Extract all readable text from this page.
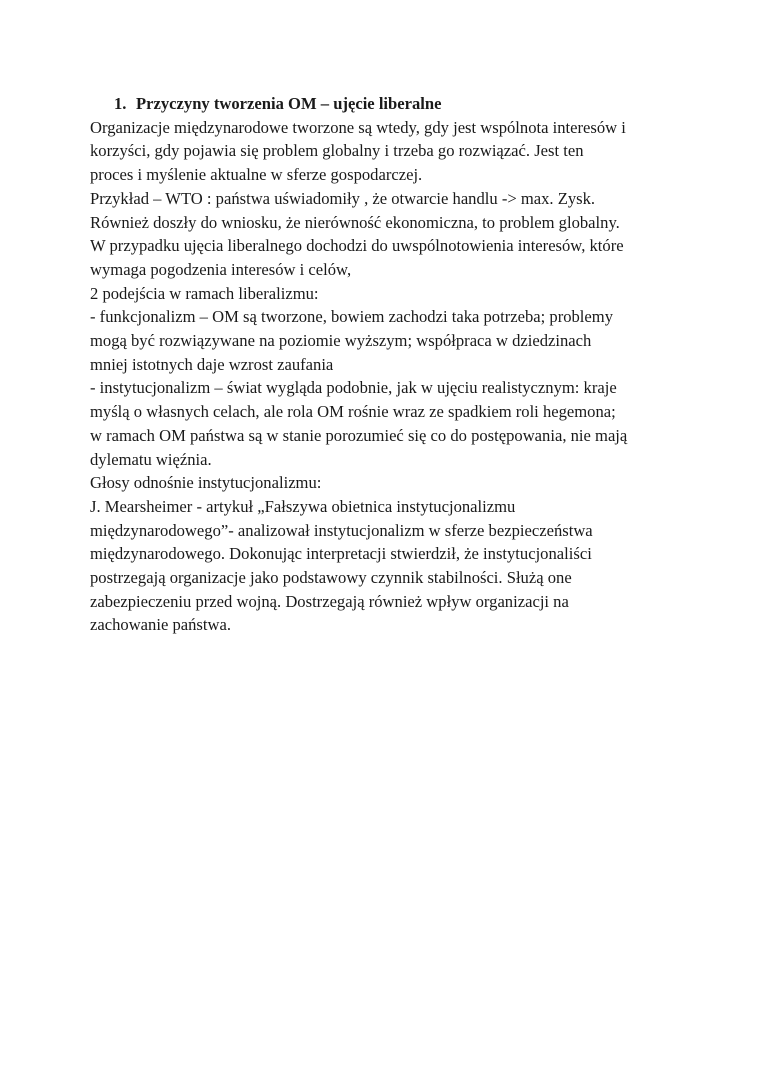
1. Przyczyny tworzenia OM – ujęcie liberalne
Organizacje międzynarodowe tworzone są wtedy, gdy jest wspólnota interesów i
korzyści, gdy pojawia się problem globalny i trzeba go rozwiązać. Jest ten
proces i myślenie aktualne w sferze gospodarczej.
Przykład – WTO : państwa uświadomiły , że otwarcie handlu -> max. Zysk.
Również doszły do wniosku, że nierówność ekonomiczna, to problem globalny.
W przypadku ujęcia liberalnego dochodzi do uwspólnotowienia interesów, które
wymaga pogodzenia interesów i celów,
2 podejścia w ramach liberalizmu:
- funkcjonalizm – OM są tworzone, bowiem zachodzi taka potrzeba; problemy
mogą być rozwiązywane na poziomie wyższym; współpraca w dziedzinach
mniej istotnych daje wzrost zaufania
- instytucjonalizm – świat wygląda podobnie, jak w ujęciu realistycznym: kraje
myślą o własnych celach, ale rola OM rośnie wraz ze spadkiem roli hegemona;
w ramach OM państwa są w stanie porozumieć się co do postępowania, nie mają
dylematu więźnia.
Głosy odnośnie instytucjonalizmu:
J. Mearsheimer - artykuł „Fałszywa obietnica instytucjonalizmu
międzynarodowego”- analizował instytucjonalizm w sferze bezpieczeństwa
międzynarodowego. Dokonując interpretacji stwierdził, że instytucjonaliści
postrzegają organizacje jako podstawowy czynnik stabilności. Służą one
zabezpieczeniu przed wojną. Dostrzegają również wpływ organizacji na
zachowanie państwa.
